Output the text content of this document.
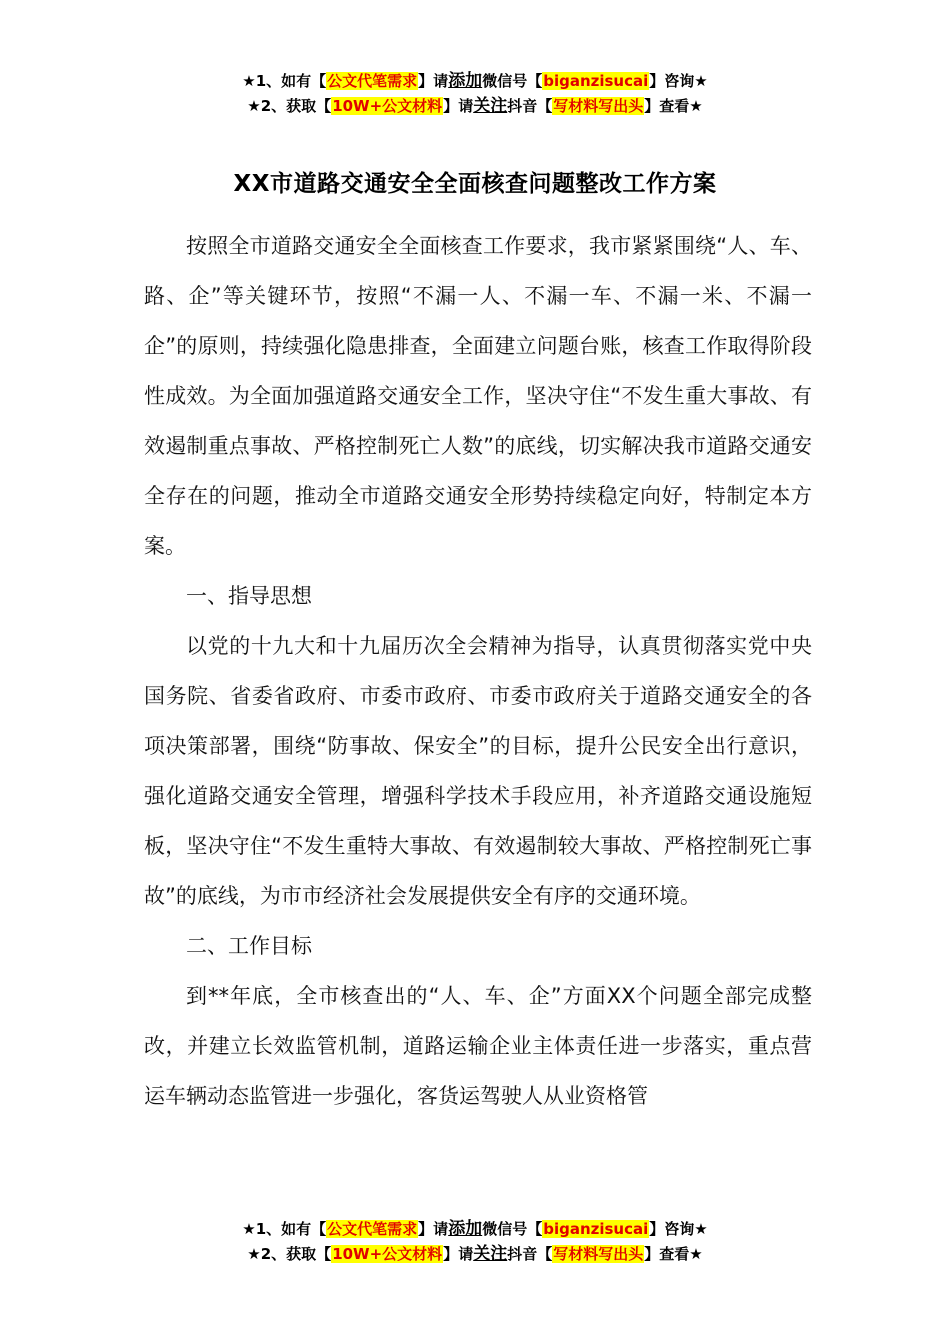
★1、如有【公文代笔需求】请添加微信号【biganzisucai】咨询★
★2、获取【10W+公文材料】请关注抖音【写材料写出头】查看★
XX市道路交通安全全面核查问题整改工作方案

按照全市道路交通安全全面核查工作要求，我市紧紧围绕“人、车、路、企”等关键环节，按照“不漏一人、不漏一车、不漏一米、不漏一企”的原则，持续强化隐患排查，全面建立问题台账，核查工作取得阶段性成效。为全面加强道路交通安全工作，坚决守住“不发生重大事故、有效遏制重点事故、严格控制死亡人数”的底线，切实解决我市道路交通安全存在的问题，推动全市道路交通安全形势持续稳定向好，特制定本方案。

一、指导思想

以党的十九大和十九届历次全会精神为指导，认真贯彻落实党中央国务院、省委省政府、市委市政府、市委市政府关于道路交通安全的各项决策部署，围绕“防事故、保安全”的目标，提升公民安全出行意识，强化道路交通安全管理，增强科学技术手段应用，补齐道路交通设施短板，坚决守住“不发生重特大事故、有效遏制较大事故、严格控制死亡事故”的底线，为市市经济社会发展提供安全有序的交通环境。

二、工作目标

到**年底，全市核查出的“人、车、企”方面XX个问题全部完成整改，并建立长效监管机制，道路运输企业主体责任进一步落实，重点营运车辆动态监管进一步强化，客货运驾驶人从业资格管

★1、如有【公文代笔需求】请添加微信号【biganzisucai】咨询★
★2、获取【10W+公文材料】请关注抖音【写材料写出头】查看★
